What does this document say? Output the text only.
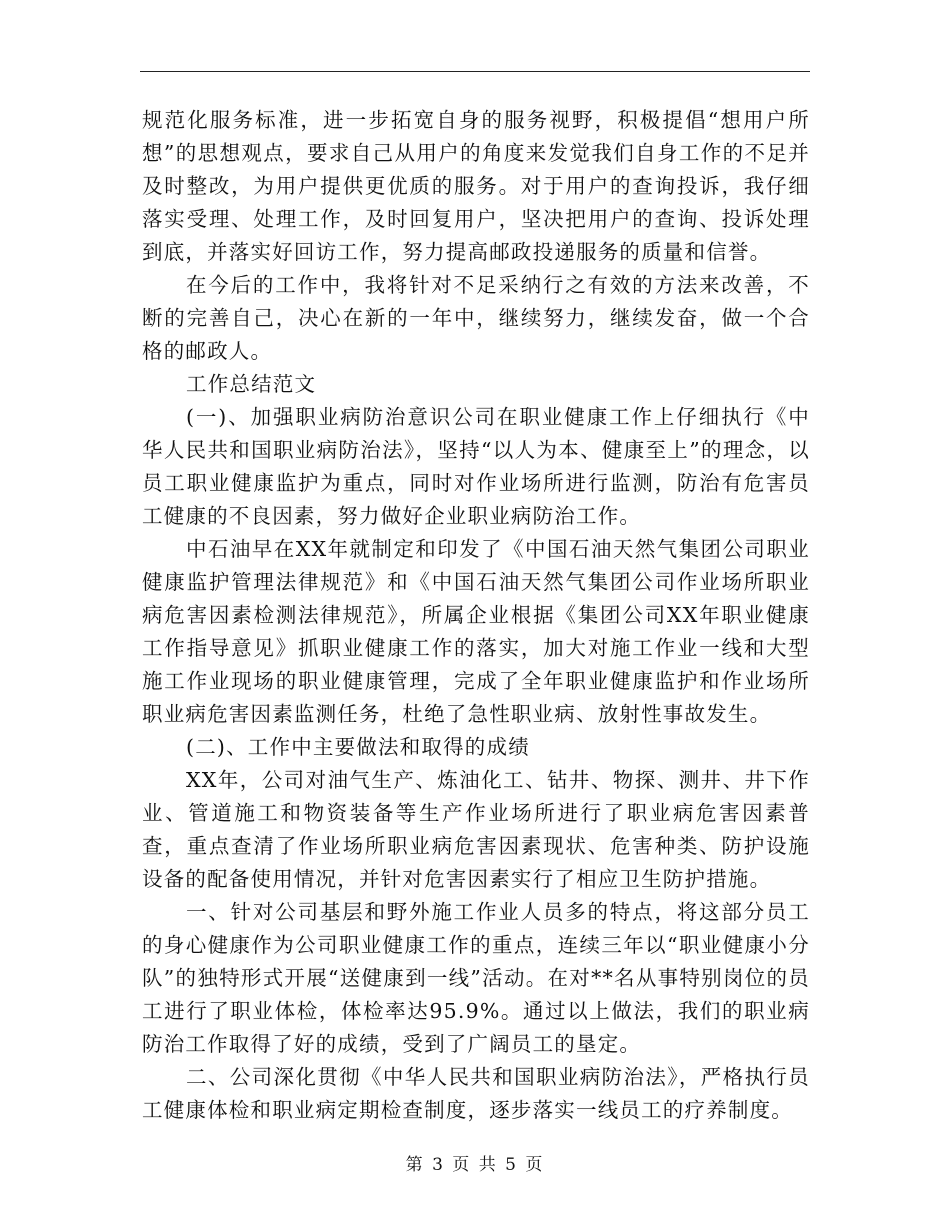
规范化服务标准，进一步拓宽自身的服务视野，积极提倡“想用户所想”的思想观点，要求自己从用户的角度来发觉我们自身工作的不足并及时整改，为用户提供更优质的服务。对于用户的查询投诉，我仔细落实受理、处理工作，及时回复用户，坚决把用户的查询、投诉处理到底，并落实好回访工作，努力提高邮政投递服务的质量和信誉。

在今后的工作中，我将针对不足采纳行之有效的方法来改善，不断的完善自己，决心在新的一年中，继续努力，继续发奋，做一个合格的邮政人。

工作总结范文

(一)、加强职业病防治意识公司在职业健康工作上仔细执行《中华人民共和国职业病防治法》，坚持“以人为本、健康至上”的理念，以员工职业健康监护为重点，同时对作业场所进行监测，防治有危害员工健康的不良因素，努力做好企业职业病防治工作。

中石油早在XX年就制定和印发了《中国石油天然气集团公司职业健康监护管理法律规范》和《中国石油天然气集团公司作业场所职业病危害因素检测法律规范》，所属企业根据《集团公司XX年职业健康工作指导意见》抓职业健康工作的落实，加大对施工作业一线和大型施工作业现场的职业健康管理，完成了全年职业健康监护和作业场所职业病危害因素监测任务，杜绝了急性职业病、放射性事故发生。

(二)、工作中主要做法和取得的成绩

XX年，公司对油气生产、炼油化工、钻井、物探、测井、井下作业、管道施工和物资装备等生产作业场所进行了职业病危害因素普查，重点查清了作业场所职业病危害因素现状、危害种类、防护设施设备的配备使用情况，并针对危害因素实行了相应卫生防护措施。

一、针对公司基层和野外施工作业人员多的特点，将这部分员工的身心健康作为公司职业健康工作的重点，连续三年以“职业健康小分队”的独特形式开展“送健康到一线”活动。在对**名从事特别岗位的员工进行了职业体检，体检率达95.9%。通过以上做法，我们的职业病防治工作取得了好的成绩，受到了广阔员工的垦定。

二、公司深化贯彻《中华人民共和国职业病防治法》，严格执行员工健康体检和职业病定期检查制度，逐步落实一线员工的疗养制度。

第 3 页 共 5 页
